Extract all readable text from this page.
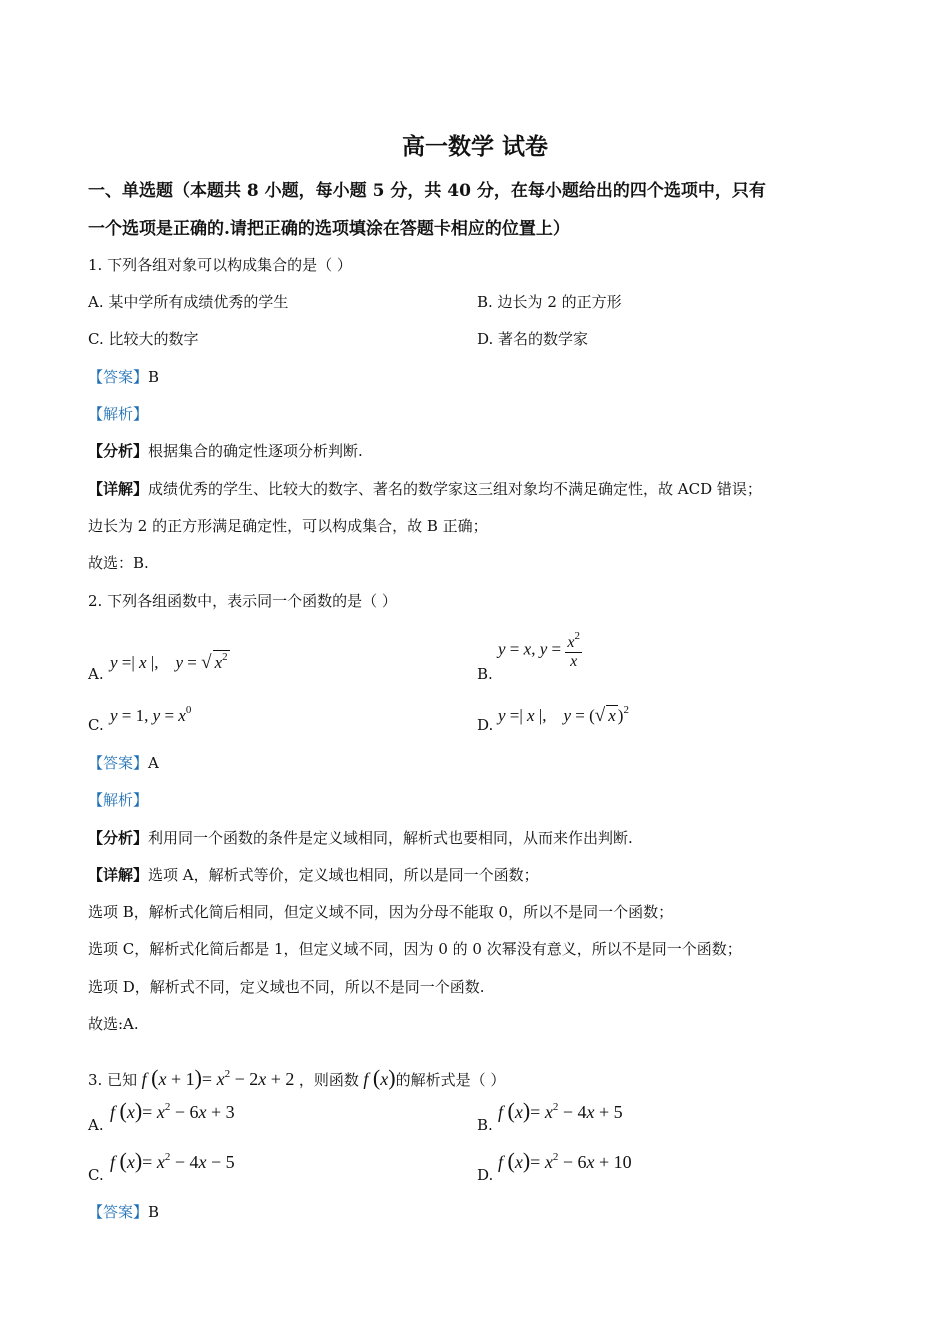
高一数学 试卷
一、单选题（本题共 8 小题，每小题 5 分，共 40 分，在每小题给出的四个选项中，只有
一个选项是正确的.请把正确的选项填涂在答题卡相应的位置上）
1. 下列各组对象可以构成集合的是（ ）
A. 某中学所有成绩优秀的学生	B. 边长为 2 的正方形
C. 比较大的数字	D. 著名的数学家
【答案】B
【解析】
【分析】根据集合的确定性逐项分析判断.
【详解】成绩优秀的学生、比较大的数字、著名的数学家这三组对象均不满足确定性，故 ACD 错误；
边长为 2 的正方形满足确定性，可以构成集合，故 B 正确；
故选：B.
2. 下列各组函数中，表示同一个函数的是（ ）
A.
y =| x |,    y = √ $x^2$
B.
y = x, $y = \frac{x^2}{x}$
C. y = 1, $y = x^0$
D. y =| x |,    y = (√ x )$^2$
【答案】A
【解析】
【分析】利用同一个函数的条件是定义域相同，解析式也要相同，从而来作出判断.
【详解】选项 A，解析式等价，定义域也相同，所以是同一个函数；
选项 B，解析式化简后相同，但定义域不同，因为分母不能取 0，所以不是同一个函数；
选项 C，解析式化简后都是 1，但定义域不同，因为 0 的 0 次幂没有意义，所以不是同一个函数；
选项 D，解析式不同，定义域也不同，所以不是同一个函数.
故选:A.
3. 已知 f $(x + 1)= x^2 - 2x + 2$ ，则函数 f (x)的解析式是（ ）
A.
f $(x)= x^2 - 6x + 3$
B.
f $(x)= x^2 - 4x + 5$
C.
f $(x)= x^2 - 4x - 5$
D.
f $(x)= x^2 - 6x + 10$
【答案】B
